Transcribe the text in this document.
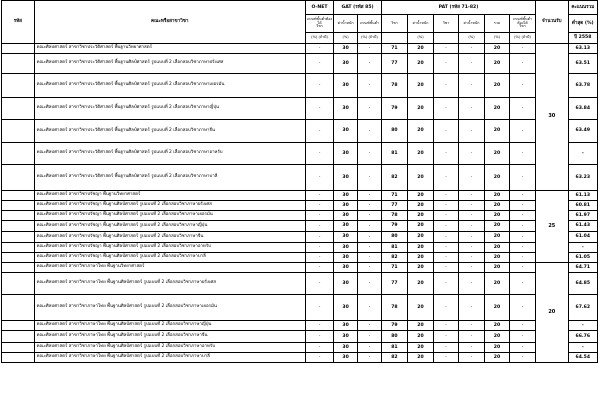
รหัส	คณะหรือสาขาวิชา	O-NET	GAT (รหัส 85)		PAT (รหัส 71-82)						จำนวนรับ	คะแนนรวม
		เกณฑ์ขั้นต่ำต้องได้
วิชา	ค่าน้ำหนัก	เกณฑ์ขั้นต่ำ	วิชา	ค่าน้ำหนัก	วิชา	ค่าน้ำหนัก	รวม	เกณฑ์ขั้นต่ำต้องได้
วิชา		ต่ำสุด (%)
		(%) (ถ้ามี)	(%)	(%) (ถ้ามี)		(%)		(%)	(%)	(%) (ถ้ามี)		ปี 2558
	คณะศิลปศาสตร์ สาขาวิชาประวัติศาสตร์ พื้นฐานวิทยาศาสตร์	-	30	-	71	20	-	-	20	-	30	63.13
	คณะศิลปศาสตร์ สาขาวิชาประวัติศาสตร์ พื้นฐานศิลป์ศาสตร์ รูปแบบที่ 2 เลือกสอบวิชาภาษาฝรั่งเศส	-	30	-	77	20	-	-	20	-		63.51
	คณะศิลปศาสตร์ สาขาวิชาประวัติศาสตร์ พื้นฐานศิลป์ศาสตร์ รูปแบบที่ 2 เลือกสอบวิชาภาษาเยอรมัน	-	30	-	78	20	-	-	20	-		63.78
	คณะศิลปศาสตร์ สาขาวิชาประวัติศาสตร์ พื้นฐานศิลป์ศาสตร์ รูปแบบที่ 2 เลือกสอบวิชาภาษาญี่ปุ่น	-	30	-	79	20	-	-	20	-		63.84
	คณะศิลปศาสตร์ สาขาวิชาประวัติศาสตร์ พื้นฐานศิลป์ศาสตร์ รูปแบบที่ 2 เลือกสอบวิชาภาษาจีน	-	30	-	80	20	-	-	20	-		63.49
	คณะศิลปศาสตร์ สาขาวิชาประวัติศาสตร์ พื้นฐานศิลป์ศาสตร์ รูปแบบที่ 2 เลือกสอบวิชาภาษาอาหรับ	-	30	-	81	20	-	-	20	-		-
	คณะศิลปศาสตร์ สาขาวิชาประวัติศาสตร์ พื้นฐานศิลป์ศาสตร์ รูปแบบที่ 2 เลือกสอบวิชาภาษาบาลี	-	30	-	82	20	-	-	20	-		63.23
	คณะศิลปศาสตร์ สาขาวิชาปรัชญา พื้นฐานวิทยาศาสตร์	-	30	-	71	20	-	-	20	-	25	61.13
	คณะศิลปศาสตร์ สาขาวิชาปรัชญา พื้นฐานศิลป์ศาสตร์ รูปแบบที่ 2 เลือกสอบวิชาภาษาฝรั่งเศส	-	30	-	77	20	-	-	20	-		60.81
	คณะศิลปศาสตร์ สาขาวิชาปรัชญา พื้นฐานศิลป์ศาสตร์ รูปแบบที่ 2 เลือกสอบวิชาภาษาเยอรมัน	-	30	-	78	20	-	-	20	-		61.97
	คณะศิลปศาสตร์ สาขาวิชาปรัชญา พื้นฐานศิลป์ศาสตร์ รูปแบบที่ 2 เลือกสอบวิชาภาษาญี่ปุ่น	-	30	-	79	20	-	-	20	-		61.43
	คณะศิลปศาสตร์ สาขาวิชาปรัชญา พื้นฐานศิลป์ศาสตร์ รูปแบบที่ 2 เลือกสอบวิชาภาษาจีน	-	30	-	80	20	-	-	20	-		61.04
	คณะศิลปศาสตร์ สาขาวิชาปรัชญา พื้นฐานศิลป์ศาสตร์ รูปแบบที่ 2 เลือกสอบวิชาภาษาอาหรับ	-	30	-	81	20	-	-	20	-		-
	คณะศิลปศาสตร์ สาขาวิชาปรัชญา พื้นฐานศิลป์ศาสตร์ รูปแบบที่ 2 เลือกสอบวิชาภาษาบาลี	-	30	-	82	20	-	-	20	-		61.05
	คณะศิลปศาสตร์ สาขาวิชาภาษาไทย พื้นฐานวิทยาศาสตร์	-	30	-	71	20	-	-	20	-	20	64.71
	คณะศิลปศาสตร์ สาขาวิชาภาษาไทย พื้นฐานศิลป์ศาสตร์ รูปแบบที่ 2 เลือกสอบวิชาภาษาฝรั่งเศส	-	30	-	77	20	-	-	20	-		64.85
	คณะศิลปศาสตร์ สาขาวิชาภาษาไทย พื้นฐานศิลป์ศาสตร์ รูปแบบที่ 2 เลือกสอบวิชาภาษาเยอรมัน	-	30	-	78	20	-	-	20	-		67.62
	คณะศิลปศาสตร์ สาขาวิชาภาษาไทย พื้นฐานศิลป์ศาสตร์ รูปแบบที่ 2 เลือกสอบวิชาภาษาญี่ปุ่น	-	30	-	79	20	-	-	20	-		-
	คณะศิลปศาสตร์ สาขาวิชาภาษาไทย พื้นฐานศิลป์ศาสตร์ รูปแบบที่ 2 เลือกสอบวิชาภาษาจีน	-	30	-	80	20	-	-	20	-		66.76
	คณะศิลปศาสตร์ สาขาวิชาภาษาไทย พื้นฐานศิลป์ศาสตร์ รูปแบบที่ 2 เลือกสอบวิชาภาษาอาหรับ	-	30	-	81	20	-	-	20	-		-
	คณะศิลปศาสตร์ สาขาวิชาภาษาไทย พื้นฐานศิลป์ศาสตร์ รูปแบบที่ 2 เลือกสอบวิชาภาษาบาลี	-	30	-	82	20	-	-	20	-		64.54
